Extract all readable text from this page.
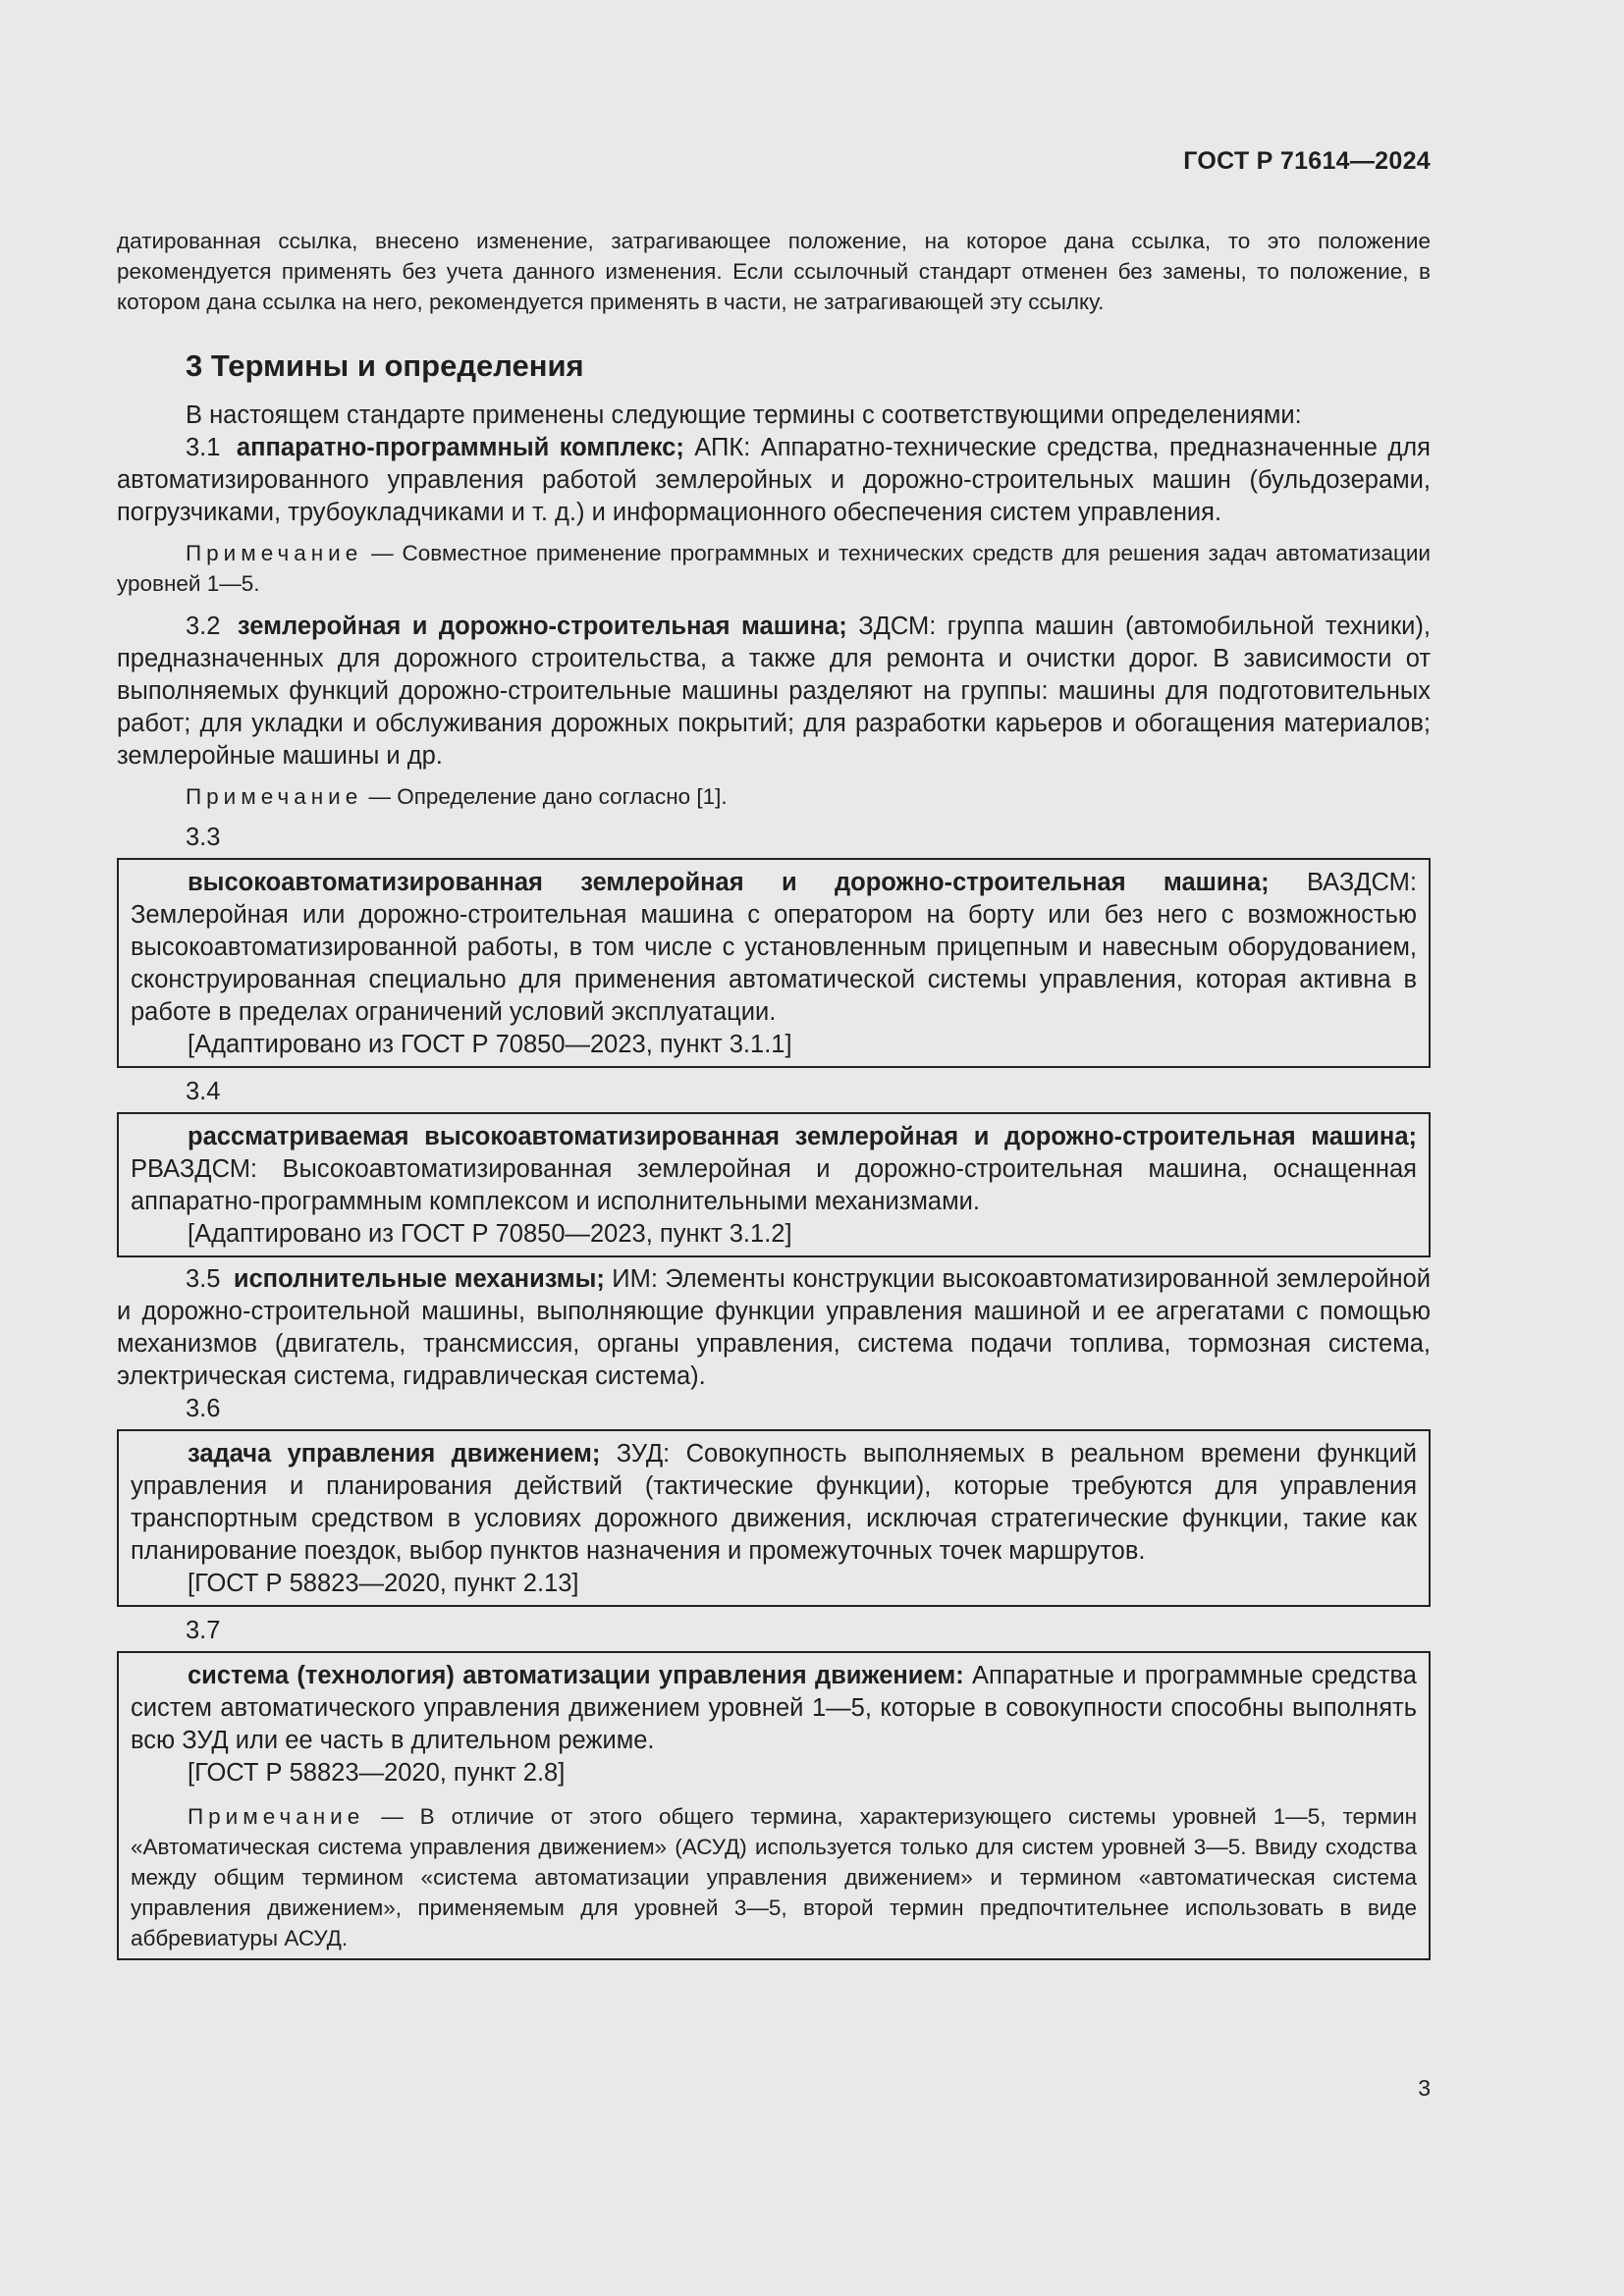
ГОСТ Р 71614—2024

датированная ссылка, внесено изменение, затрагивающее положение, на которое дана ссылка, то это положение рекомендуется применять без учета данного изменения. Если ссылочный стандарт отменен без замены, то положение, в котором дана ссылка на него, рекомендуется применять в части, не затрагивающей эту ссылку.

3 Термины и определения

В настоящем стандарте применены следующие термины с соответствующими определениями:

3.1 аппаратно-программный комплекс; АПК: Аппаратно-технические средства, предназначенные для автоматизированного управления работой землеройных и дорожно-строительных машин (бульдозерами, погрузчиками, трубоукладчиками и т. д.) и информационного обеспечения систем управления.

Примечание — Совместное применение программных и технических средств для решения задач автоматизации уровней 1—5.

3.2 землеройная и дорожно-строительная машина; ЗДСМ: группа машин (автомобильной техники), предназначенных для дорожного строительства, а также для ремонта и очистки дорог. В зависимости от выполняемых функций дорожно-строительные машины разделяют на группы: машины для подготовительных работ; для укладки и обслуживания дорожных покрытий; для разработки карьеров и обогащения материалов; землеройные машины и др.

Примечание — Определение дано согласно [1].

3.3

высокоавтоматизированная землеройная и дорожно-строительная машина; ВАЗДСМ: Землеройная или дорожно-строительная машина с оператором на борту или без него с возможностью высокоавтоматизированной работы, в том числе с установленным прицепным и навесным оборудованием, сконструированная специально для применения автоматической системы управления, которая активна в работе в пределах ограничений условий эксплуатации.

[Адаптировано из ГОСТ Р 70850—2023, пункт 3.1.1]

3.4

рассматриваемая высокоавтоматизированная землеройная и дорожно-строительная машина; РВАЗДСМ: Высокоавтоматизированная землеройная и дорожно-строительная машина, оснащенная аппаратно-программным комплексом и исполнительными механизмами.

[Адаптировано из ГОСТ Р 70850—2023, пункт 3.1.2]

3.5 исполнительные механизмы; ИМ: Элементы конструкции высокоавтоматизированной землеройной и дорожно-строительной машины, выполняющие функции управления машиной и ее агрегатами с помощью механизмов (двигатель, трансмиссия, органы управления, система подачи топлива, тормозная система, электрическая система, гидравлическая система).

3.6

задача управления движением; ЗУД: Совокупность выполняемых в реальном времени функций управления и планирования действий (тактические функции), которые требуются для управления транспортным средством в условиях дорожного движения, исключая стратегические функции, такие как планирование поездок, выбор пунктов назначения и промежуточных точек маршрутов.

[ГОСТ Р 58823—2020, пункт 2.13]

3.7

система (технология) автоматизации управления движением: Аппаратные и программные средства систем автоматического управления движением уровней 1—5, которые в совокупности способны выполнять всю ЗУД или ее часть в длительном режиме.

[ГОСТ Р 58823—2020, пункт 2.8]

Примечание — В отличие от этого общего термина, характеризующего системы уровней 1—5, термин «Автоматическая система управления движением» (АСУД) используется только для систем уровней 3—5. Ввиду сходства между общим термином «система автоматизации управления движением» и термином «автоматическая система управления движением», применяемым для уровней 3—5, второй термин предпочтительнее использовать в виде аббревиатуры АСУД.

3
